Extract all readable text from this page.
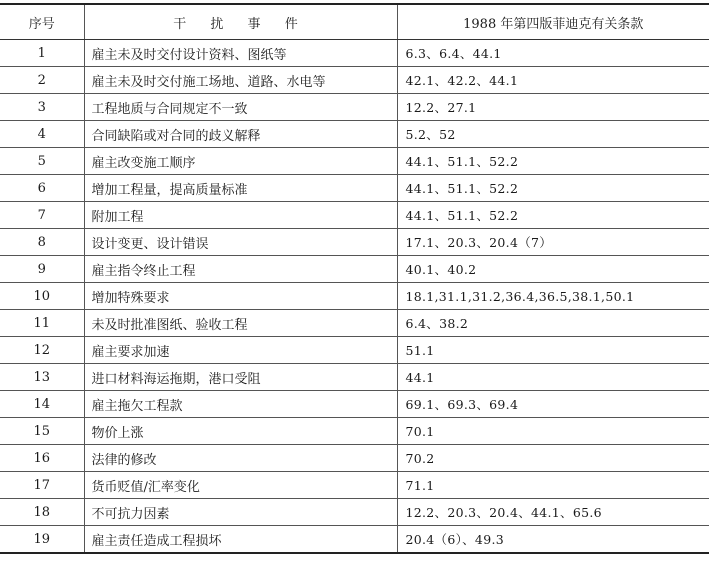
序号	干 扰 事 件	1988 年第四版菲迪克有关条款
1	雇主未及时交付设计资料、图纸等	6.3、6.4、44.1
2	雇主未及时交付施工场地、道路、水电等	42.1、42.2、44.1
3	工程地质与合同规定不一致	12.2、27.1
4	合同缺陷或对合同的歧义解释	5.2、52
5	雇主改变施工顺序	44.1、51.1、52.2
6	增加工程量，提高质量标准	44.1、51.1、52.2
7	附加工程	44.1、51.1、52.2
8	设计变更、设计错误	17.1、20.3、20.4（7）
9	雇主指令终止工程	40.1、40.2
10	增加特殊要求	18.1,31.1,31.2,36.4,36.5,38.1,50.1
11	未及时批准图纸、验收工程	6.4、38.2
12	雇主要求加速	51.1
13	进口材料海运拖期，港口受阻	44.1
14	雇主拖欠工程款	69.1、69.3、69.4
15	物价上涨	70.1
16	法律的修改	70.2
17	货币贬值/汇率变化	71.1
18	不可抗力因素	12.2、20.3、20.4、44.1、65.6
19	雇主责任造成工程损坏	20.4（6）、49.3
